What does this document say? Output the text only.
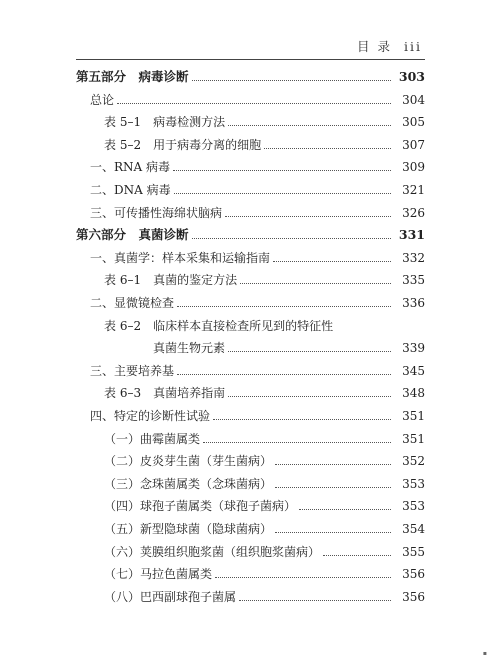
目 录 iii
第五部分　病毒诊断	303
总论	304
表 5–1　病毒检测方法	305
表 5–2　用于病毒分离的细胞	307
一、RNA 病毒	309
二、DNA 病毒	321
三、可传播性海绵状脑病	326
第六部分　真菌诊断	331
一、真菌学：样本采集和运输指南	332
表 6–1　真菌的鉴定方法	335
二、显微镜检查	336
表 6–2　临床样本直接检查所见到的特征性
真菌生物元素	339
三、主要培养基	345
表 6–3　真菌培养指南	348
四、特定的诊断性试验	351
（一）曲霉菌属类	351
（二）皮炎芽生菌（芽生菌病）	352
（三）念珠菌属类（念珠菌病）	353
（四）球孢子菌属类（球孢子菌病）	353
（五）新型隐球菌（隐球菌病）	354
（六）荚膜组织胞浆菌（组织胞浆菌病）	355
（七）马拉色菌属类	356
（八）巴西副球孢子菌属	356
▪
